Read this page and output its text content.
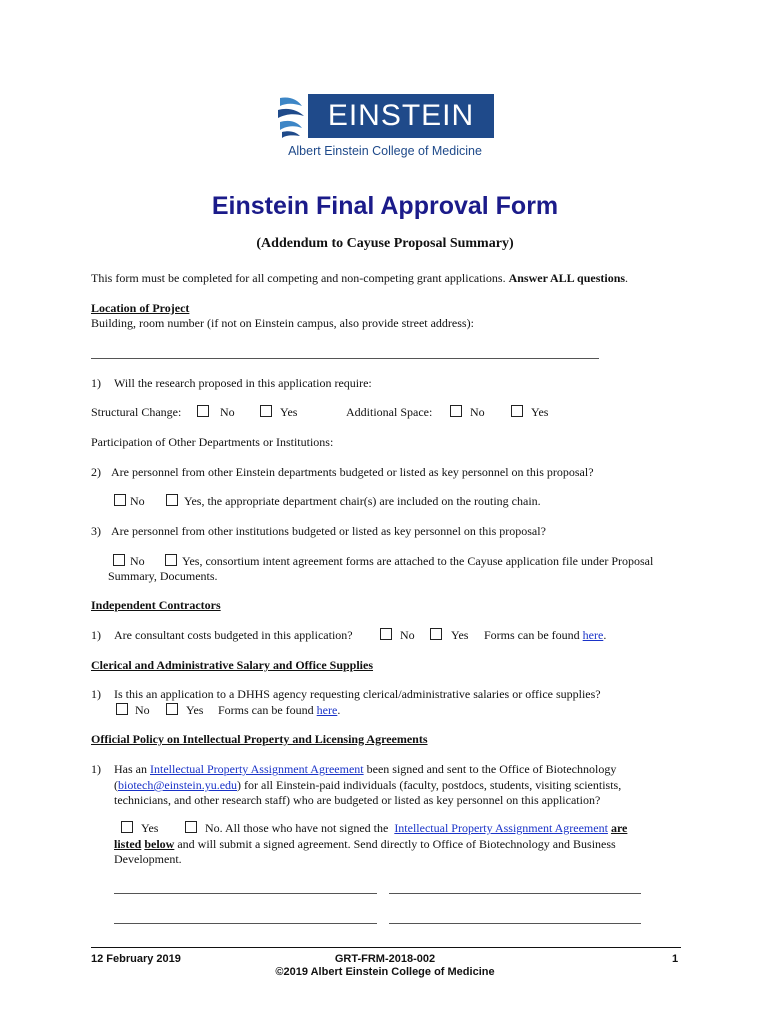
EINSTEIN
Albert Einstein College of Medicine
Einstein Final Approval Form
(Addendum to Cayuse Proposal Summary)
This form must be completed for all competing and non-competing grant applications. Answer ALL questions.
Location of Project
Building, room number (if not on Einstein campus, also provide street address):
1) Will the research proposed in this application require:
Structural Change:	No	Yes	Additional Space:	No	Yes
Participation of Other Departments or Institutions:
2) Are personnel from other Einstein departments budgeted or listed as key personnel on this proposal?
No	Yes, the appropriate department chair(s) are included on the routing chain.
3) Are personnel from other institutions budgeted or listed as key personnel on this proposal?
No	Yes, consortium intent agreement forms are attached to the Cayuse application file under Proposal
Summary, Documents.
Independent Contractors
1) Are consultant costs budgeted in this application?	No	Yes Forms can be found here.
Clerical and Administrative Salary and Office Supplies
1) Is this an application to a DHHS agency requesting clerical/administrative salaries or office supplies?
No	Yes Forms can be found here.
Official Policy on Intellectual Property and Licensing Agreements
1) Has an Intellectual Property Assignment Agreement been signed and sent to the Office of Biotechnology
(biotech@einstein.yu.edu) for all Einstein-paid individuals (faculty, postdocs, students, visiting scientists,
technicians, and other research staff) who are budgeted or listed as key personnel on this application?
Yes	No. All those who have not signed the Intellectual Property Assignment Agreement are
listed below and will submit a signed agreement. Send directly to Office of Biotechnology and Business
Development.
12 February 2019	GRT-FRM-2018-002
©2019 Albert Einstein College of Medicine
1
